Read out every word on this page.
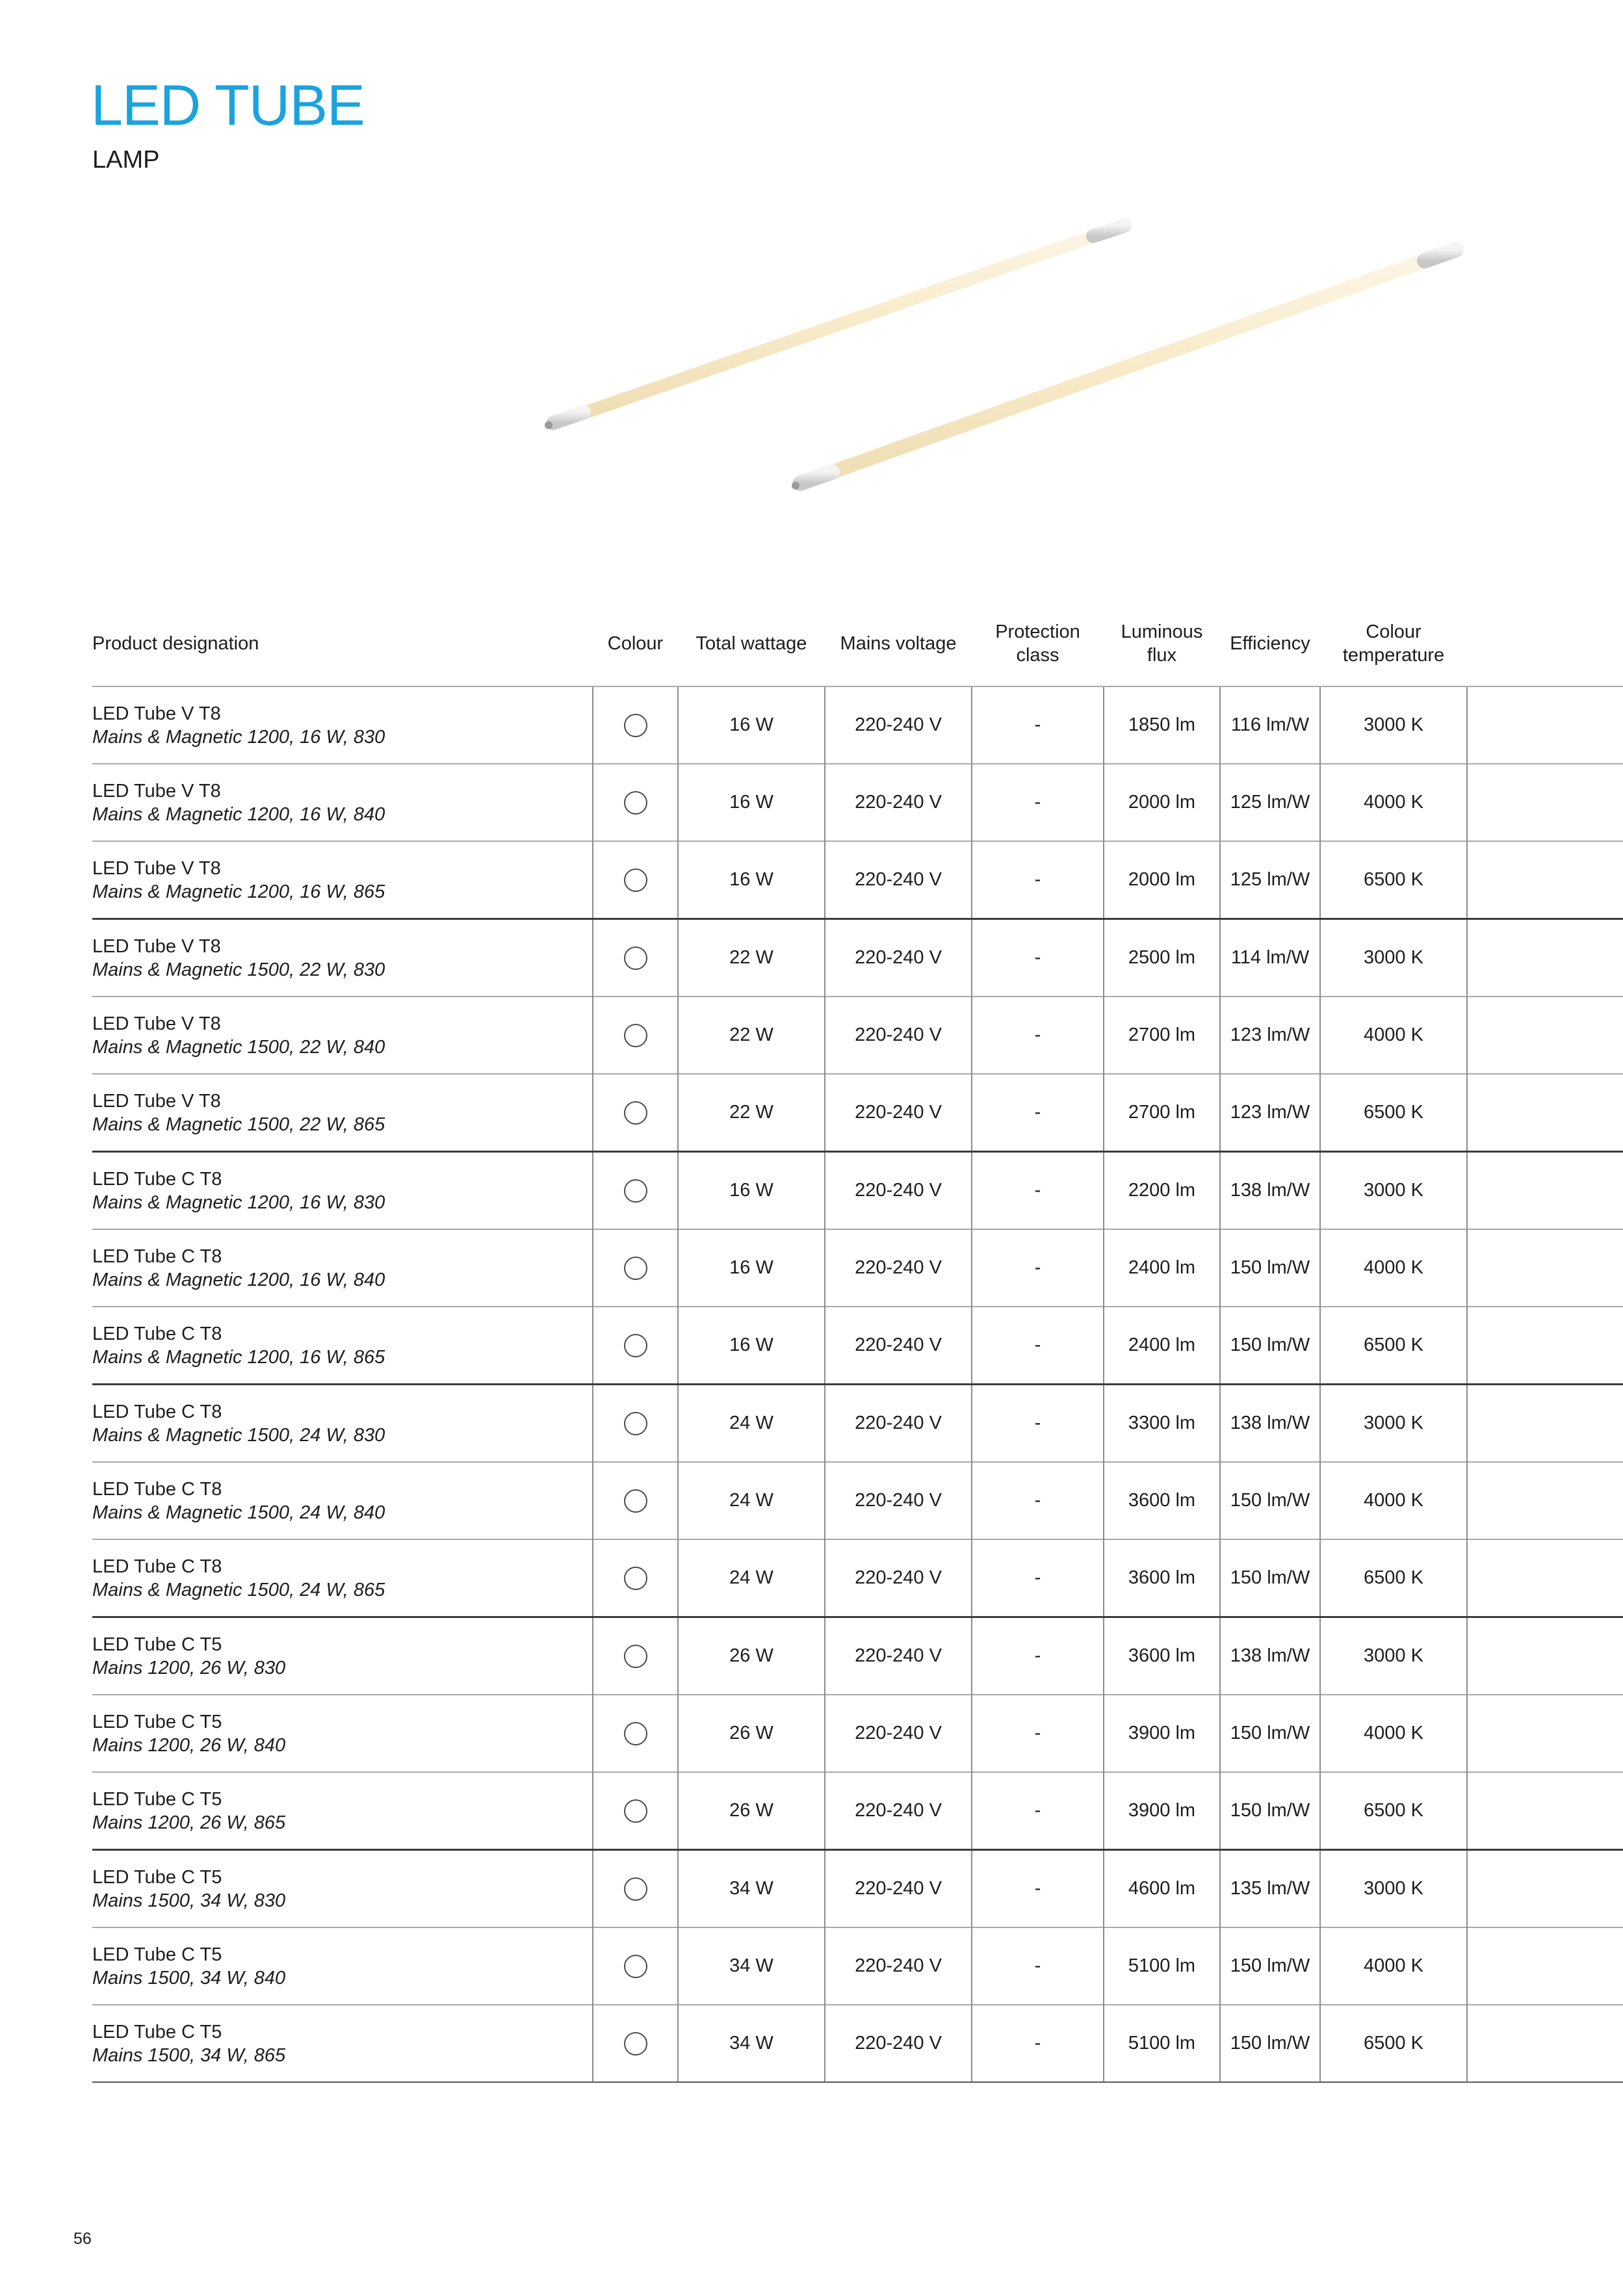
LED TUBE
LAMP
Product designation	Colour	Total wattage	Mains voltage	Protection class	Luminous flux	Efficiency	Colour temperature	

LED Tube V T8
Mains & Magnetic 1200, 16 W, 830		16 W	220-240 V	-	1850 lm	116 lm/W	3000 K	

LED Tube V T8
Mains & Magnetic 1200, 16 W, 840		16 W	220-240 V	-	2000 lm	125 lm/W	4000 K	

LED Tube V T8
Mains & Magnetic 1200, 16 W, 865		16 W	220-240 V	-	2000 lm	125 lm/W	6500 K	

LED Tube V T8
Mains & Magnetic 1500, 22 W, 830		22 W	220-240 V	-	2500 lm	114 lm/W	3000 K	

LED Tube V T8
Mains & Magnetic 1500, 22 W, 840		22 W	220-240 V	-	2700 lm	123 lm/W	4000 K	

LED Tube V T8
Mains & Magnetic 1500, 22 W, 865		22 W	220-240 V	-	2700 lm	123 lm/W	6500 K	

LED Tube C T8
Mains & Magnetic 1200, 16 W, 830		16 W	220-240 V	-	2200 lm	138 lm/W	3000 K	

LED Tube C T8
Mains & Magnetic 1200, 16 W, 840		16 W	220-240 V	-	2400 lm	150 lm/W	4000 K	

LED Tube C T8
Mains & Magnetic 1200, 16 W, 865		16 W	220-240 V	-	2400 lm	150 lm/W	6500 K	

LED Tube C T8
Mains & Magnetic 1500, 24 W, 830		24 W	220-240 V	-	3300 lm	138 lm/W	3000 K	

LED Tube C T8
Mains & Magnetic 1500, 24 W, 840		24 W	220-240 V	-	3600 lm	150 lm/W	4000 K	

LED Tube C T8
Mains & Magnetic 1500, 24 W, 865		24 W	220-240 V	-	3600 lm	150 lm/W	6500 K	

LED Tube C T5
Mains 1200, 26 W, 830		26 W	220-240 V	-	3600 lm	138 lm/W	3000 K	

LED Tube C T5
Mains 1200, 26 W, 840		26 W	220-240 V	-	3900 lm	150 lm/W	4000 K	

LED Tube C T5
Mains 1200, 26 W, 865		26 W	220-240 V	-	3900 lm	150 lm/W	6500 K	

LED Tube C T5
Mains 1500, 34 W, 830		34 W	220-240 V	-	4600 lm	135 lm/W	3000 K	

LED Tube C T5
Mains 1500, 34 W, 840		34 W	220-240 V	-	5100 lm	150 lm/W	4000 K	

LED Tube C T5
Mains 1500, 34 W, 865		34 W	220-240 V	-	5100 lm	150 lm/W	6500 K	
56
